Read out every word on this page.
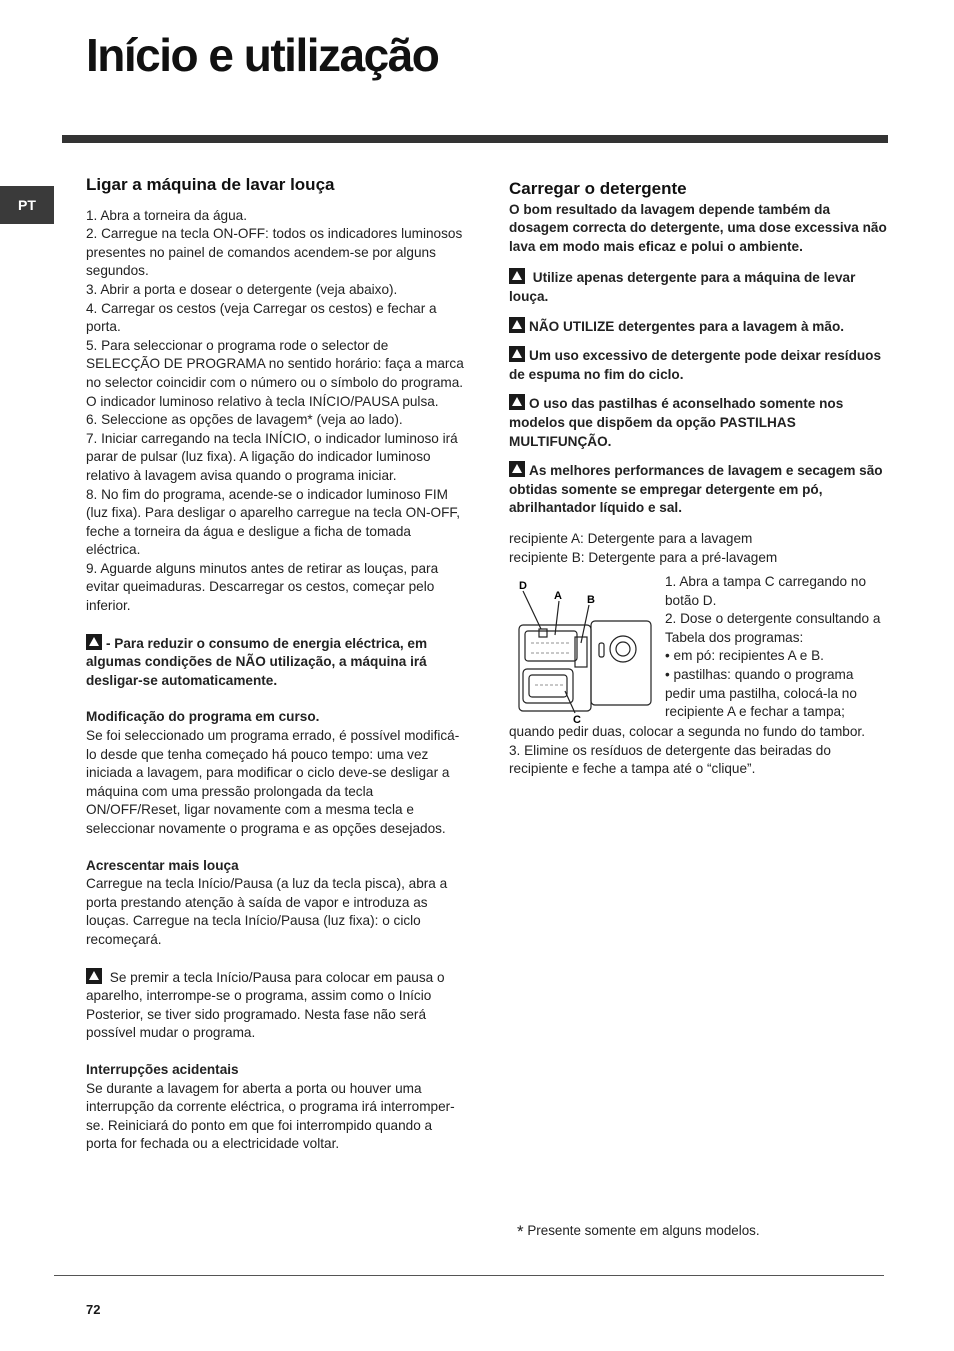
Início e utilização
PT
Ligar a máquina de lavar louça

1. Abra a torneira da água.

2. Carregue na tecla ON-OFF: todos os indicadores luminosos presentes no painel de comandos acendem-se por alguns segundos.

3. Abrir a porta e dosear o detergente (veja abaixo).

4. Carregar os cestos (veja Carregar os cestos) e fechar a porta.

5. Para seleccionar o programa rode o selector de SELECÇÃO DE PROGRAMA no sentido horário: faça a marca no selector coincidir com o número ou o símbolo do programa. O indicador luminoso relativo à tecla INÍCIO/PAUSA pulsa.

6. Seleccione as opções de lavagem* (veja ao lado).

7. Iniciar carregando na tecla INÍCIO, o indicador luminoso irá parar de pulsar (luz fixa). A ligação do indicador luminoso relativo à lavagem avisa quando o programa iniciar.

8. No fim do programa, acende-se o indicador luminoso FIM (luz fixa). Para desligar o aparelho carregue na tecla ON-OFF, feche a torneira da água e desligue a ficha de tomada eléctrica.

9. Aguarde alguns minutos antes de retirar as louças, para evitar queimaduras. Descarregar os cestos, começar pelo inferior.

- Para reduzir o consumo de energia eléctrica, em algumas condições de NÃO utilização, a máquina irá desligar-se automaticamente.

Modificação do programa em curso.

Se foi seleccionado um programa errado, é possível modificá-lo desde que tenha começado há pouco tempo: uma vez iniciada a lavagem, para modificar o ciclo deve-se desligar a máquina com uma pressão prolongada da tecla ON/OFF/Reset, ligar novamente com a mesma tecla e seleccionar novamente o programa e as opções desejados.

Acrescentar mais louça

Carregue na tecla Início/Pausa (a luz da tecla pisca), abra a porta prestando atenção à saída de vapor e introduza as louças. Carregue na tecla Início/Pausa (luz fixa): o ciclo recomeçará.

Se premir a tecla Início/Pausa para colocar em pausa o aparelho, interrompe-se o programa, assim como o Início Posterior, se tiver sido programado. Nesta fase não será possível mudar o programa.

Interrupções acidentais

Se durante a lavagem for aberta a porta ou houver uma interrupção da corrente eléctrica, o programa irá interromper-se. Reiniciará do ponto em que foi interrompido quando a porta for fechada ou a electricidade voltar.

Carregar o detergente

O bom resultado da lavagem depende também da dosagem correcta do detergente, uma dose excessiva não lava em modo mais eficaz e polui o ambiente.

Utilize apenas detergente para a máquina de levar louça.

NÃO UTILIZE detergentes para a lavagem à mão.

Um uso excessivo de detergente pode deixar resíduos de espuma no fim do ciclo.

O uso das pastilhas é aconselhado somente nos modelos que dispõem da opção PASTILHAS MULTIFUNÇÃO.

As melhores performances de lavagem e secagem são obtidas somente se empregar detergente em pó, abrilhantador líquido e sal.

recipiente A: Detergente para a lavagem

recipiente B: Detergente para a pré-lavagem

D
A B
C

1. Abra a tampa C carregando no botão D.

2. Dose o detergente consultando a Tabela dos programas:

• em pó: recipientes A e B.

• pastilhas: quando o programa pedir uma pastilha, colocá-la no recipiente A e fechar a tampa;

quando pedir duas, colocar a segunda no fundo do tambor.

3. Elimine os resíduos de detergente das beiradas do recipiente e feche a tampa até o “clique”.

* Presente somente em alguns modelos.
72
